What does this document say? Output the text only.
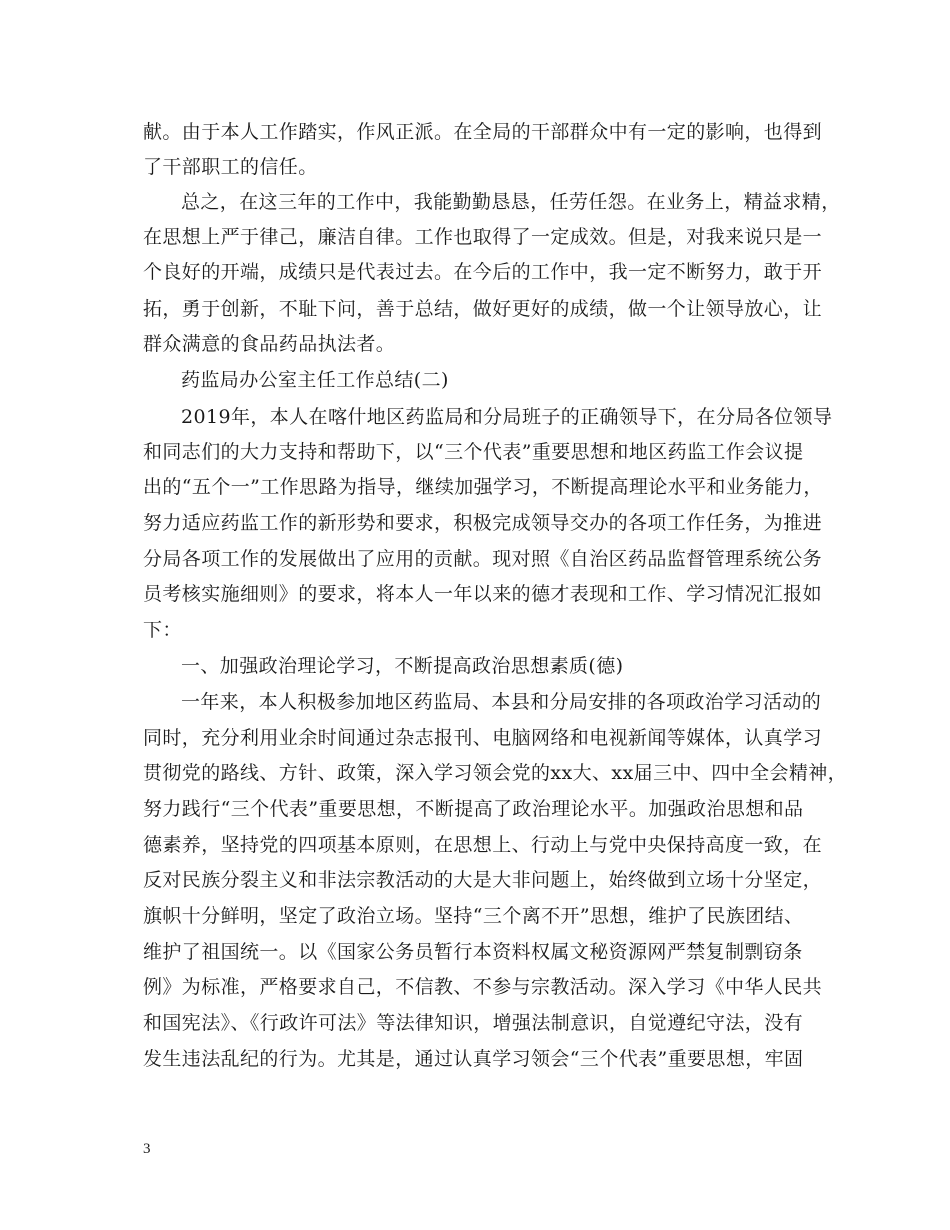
献。由于本人工作踏实，作风正派。在全局的干部群众中有一定的影响，也得到
了干部职工的信任。
总之，在这三年的工作中，我能勤勤恳恳，任劳任怨。在业务上，精益求精，
在思想上严于律己，廉洁自律。工作也取得了一定成效。但是，对我来说只是一
个良好的开端，成绩只是代表过去。在今后的工作中，我一定不断努力，敢于开
拓，勇于创新，不耻下问，善于总结，做好更好的成绩，做一个让领导放心，让
群众满意的食品药品执法者。
药监局办公室主任工作总结(二)
2019年，本人在喀什地区药监局和分局班子的正确领导下，在分局各位领导
和同志们的大力支持和帮助下，以“三个代表”重要思想和地区药监工作会议提
出的“五个一”工作思路为指导，继续加强学习，不断提高理论水平和业务能力，
努力适应药监工作的新形势和要求，积极完成领导交办的各项工作任务，为推进
分局各项工作的发展做出了应用的贡献。现对照《自治区药品监督管理系统公务
员考核实施细则》的要求，将本人一年以来的德才表现和工作、学习情况汇报如
下：
一、加强政治理论学习，不断提高政治思想素质(德)
一年来，本人积极参加地区药监局、本县和分局安排的各项政治学习活动的
同时，充分利用业余时间通过杂志报刊、电脑网络和电视新闻等媒体，认真学习
贯彻党的路线、方针、政策，深入学习领会党的xx大、xx届三中、四中全会精神，
努力践行“三个代表”重要思想，不断提高了政治理论水平。加强政治思想和品
德素养，坚持党的四项基本原则，在思想上、行动上与党中央保持高度一致，在
反对民族分裂主义和非法宗教活动的大是大非问题上，始终做到立场十分坚定，
旗帜十分鲜明，坚定了政治立场。坚持“三个离不开”思想，维护了民族团结、
维护了祖国统一。以《国家公务员暂行本资料权属文秘资源网严禁复制剽窃条
例》为标准，严格要求自己，不信教、不参与宗教活动。深入学习《中华人民共
和国宪法》、《行政许可法》等法律知识，增强法制意识，自觉遵纪守法，没有
发生违法乱纪的行为。尤其是，通过认真学习领会“三个代表”重要思想，牢固
3
